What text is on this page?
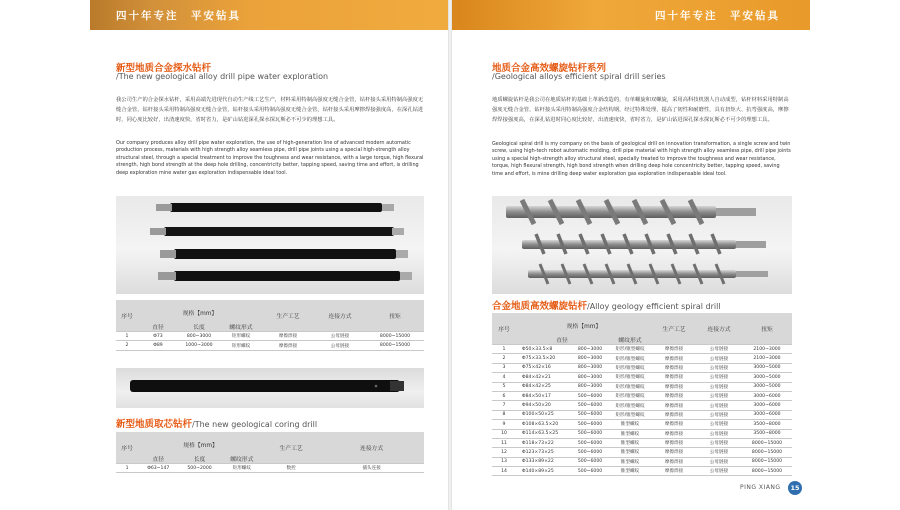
四十年专注　平安钻具
新型地质合金探水钻杆
/The new geological alloy drill pipe water exploration
我公司生产的合金探水钻杆，采用高端先进现代自动生产线工艺生产，材料采用特制高强度无缝合金管，钻杆接头采用特制高强度无缝合金管，钻杆接头采用特制高强度无缝合金管，钻杆接头采用特制高强度无缝合金管，钻杆接头采用摩擦焊接强度高，在深孔钻进时，同心度比较好，出渣速度快，省时省力，是矿山钻进深孔探水探瓦斯必不可少的理想工具。
Our company produces alloy drill pipe water exploration, the use of high-generation line of advanced modern automatic production process, materials with high strength alloy seamless pipe, drill pipe joints using a special high-strength alloy structural steel, through a special treatment to improve the toughness and wear resistance, with a large torque, high flexural strength, high bond strength at the deep hole drilling, concentricity better, tapping speed, saving time and effort, is drilling deep exploration mine water gas exploration indispensable ideal tool.
序号	规格【mm】			生产工艺	连接方式	扭矩
	直径	长度	螺纹形式			
1	Φ73	800~3000	矩形螺纹	摩擦焊接	公母链接	8000~15000
2	Φ89	1000~3000	矩形螺纹	摩擦焊接	公母链接	8000~15000
新型地质取芯钻杆/The new geological coring drill
序号	规格【mm】			生产工艺	连接方式
	直径	长度	螺纹形式		
1	Φ63~147	500~2000	矩形螺纹	数控	插头连接
四十年专注　平安钻具
地质合金高效螺旋钻杆系列
/Geological alloys efficient spiral drill series
地质螺旋钻杆是我公司在地质钻杆的基础上革新改造的，有单螺旋和双螺旋，采用高科技机器人自动成型，钻杆材料采用特制高强度无缝合金管，钻杆接头采用特制高强度合金结构钢，经过特殊处理，提高了韧性和耐磨性，具有扭矩大、抗弯强度高，摩擦焊焊接强度高，在深孔钻进时同心度比较好，出渣速度快，省时省力，是矿山钻进深孔探水探瓦斯必不可少的理想工具。
Geological spiral drill is my company on the basis of geological drill on innovation transformation, a single screw and twin screw, using high-tech robot automatic molding, drill pipe material with high strength alloy seamless pipe, drill pipe joints using a special high-strength alloy structural steel, specially treated to improve the toughness and wear resistance, torque, high flexural strength, high bond strength when drilling deep hole concentricity better, tapping speed, saving time and effort, is mine drilling deep water exploration gas exploration indispensable ideal tool.
合金地质高效螺旋钻杆/Alloy geology efficient spiral drill
序号	规格【mm】			生产工艺	连接方式	扭矩
	直径		螺纹形式			
1	Φ50×33.5×8	800~3000	矩形/锥型螺纹	摩擦焊接	公母链接	2100~3000
2	Φ75×33.5×20	800~3000	矩形/锥型螺纹	摩擦焊接	公母链接	2100~3000
3	Φ75×42×16	800~3000	矩形/锥型螺纹	摩擦焊接	公母链接	3000~5000
4	Φ84×42×21	800~3000	矩形/锥型螺纹	摩擦焊接	公母链接	3000~5000
5	Φ84×42×25	800~3000	矩形/锥型螺纹	摩擦焊接	公母链接	3000~5000
6	Φ84×50×17	500~6000	矩形/锥型螺纹	摩擦焊接	公母链接	3000~6000
7	Φ94×50×20	500~6000	矩形/锥型螺纹	摩擦焊接	公母链接	3000~6000
8	Φ100×50×25	500~6000	矩形/锥型螺纹	摩擦焊接	公母链接	3000~6000
9	Φ108×63.5×20	500~6000	锥型螺纹	摩擦焊接	公母链接	3500~8000
10	Φ114×63.5×25	500~6000	锥型螺纹	摩擦焊接	公母链接	3500~8000
11	Φ118×73×22	500~6000	锥型螺纹	摩擦焊接	公母链接	8000~15000
12	Φ123×73×25	500~6000	锥型螺纹	摩擦焊接	公母链接	8000~15000
13	Φ133×89×22	500~6000	锥型螺纹	摩擦焊接	公母链接	8000~15000
14	Φ140×89×25	500~6000	锥型螺纹	摩擦焊接	公母链接	8000~15000
PING XIANG	15
